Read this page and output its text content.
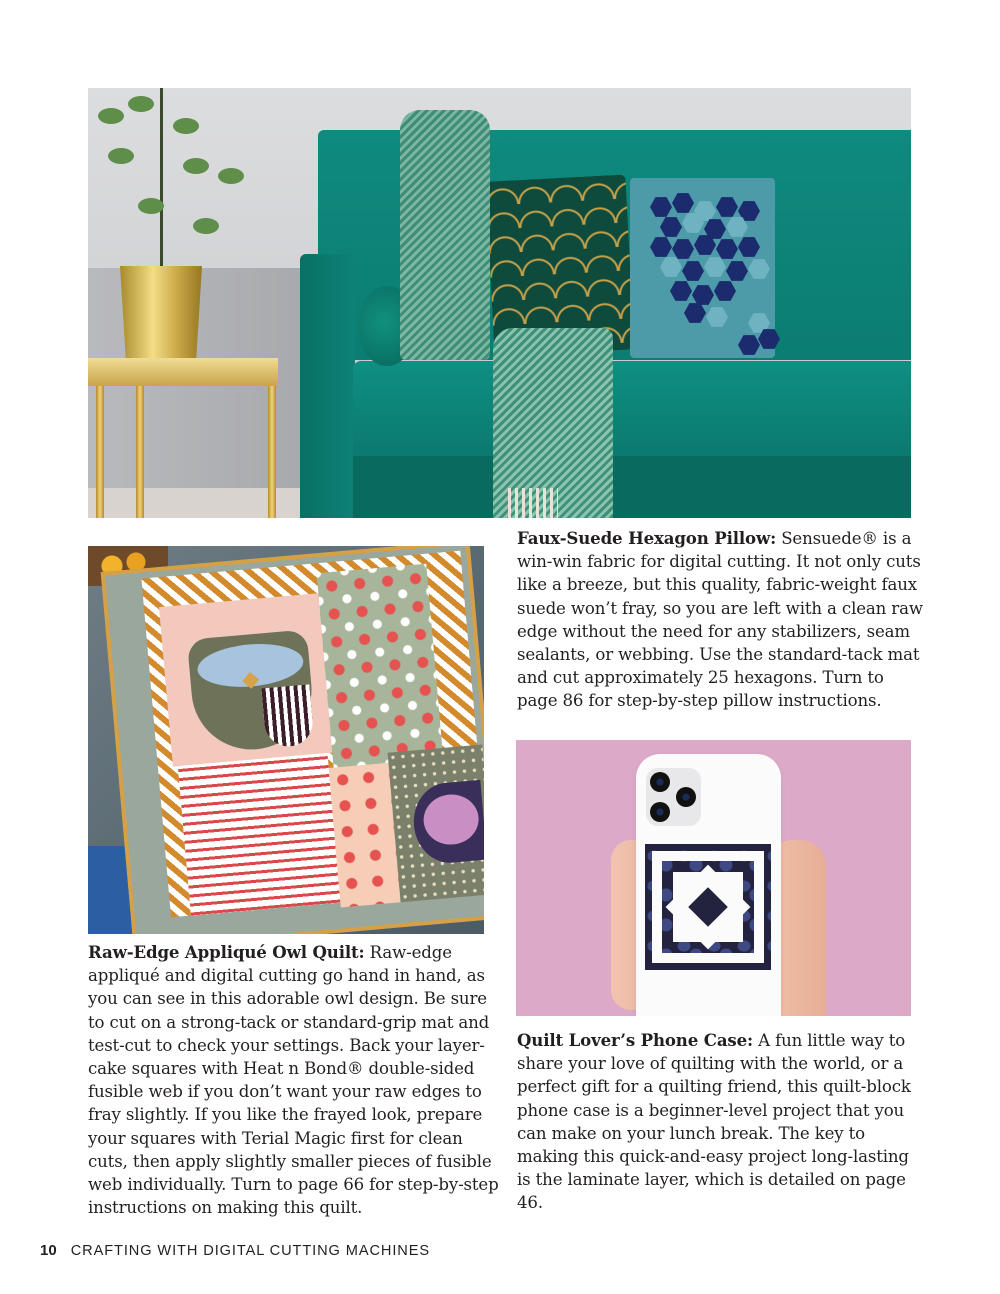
Faux-Suede Hexagon Pillow: Sensuede® is a win-win fabric for digital cutting. It not only cuts like a breeze, but this quality, fabric-weight faux suede won’t fray, so you are left with a clean raw edge without the need for any stabilizers, seam sealants, or webbing. Use the standard-tack mat and cut approximately 25 hexagons. Turn to page 86 for step-by-step pillow instructions.

Raw-Edge Appliqué Owl Quilt: Raw-edge appliqué and digital cutting go hand in hand, as you can see in this adorable owl design. Be sure to cut on a strong-tack or standard-grip mat and test-cut to check your settings. Back your layer-cake squares with Heat n Bond® double-sided fusible web if you don’t want your raw edges to fray slightly. If you like the frayed look, prepare your squares with Terial Magic first for clean cuts, then apply slightly smaller pieces of fusible web individually. Turn to page 66 for step-by-step instructions on making this quilt.

Quilt Lover’s Phone Case: A fun little way to share your love of quilting with the world, or a perfect gift for a quilting friend, this quilt-block phone case is a beginner-level project that you can make on your lunch break. The key to making this quick-and-easy project long-lasting is the laminate layer, which is detailed on page 46.

10 CRAFTING WITH DIGITAL CUTTING MACHINES
